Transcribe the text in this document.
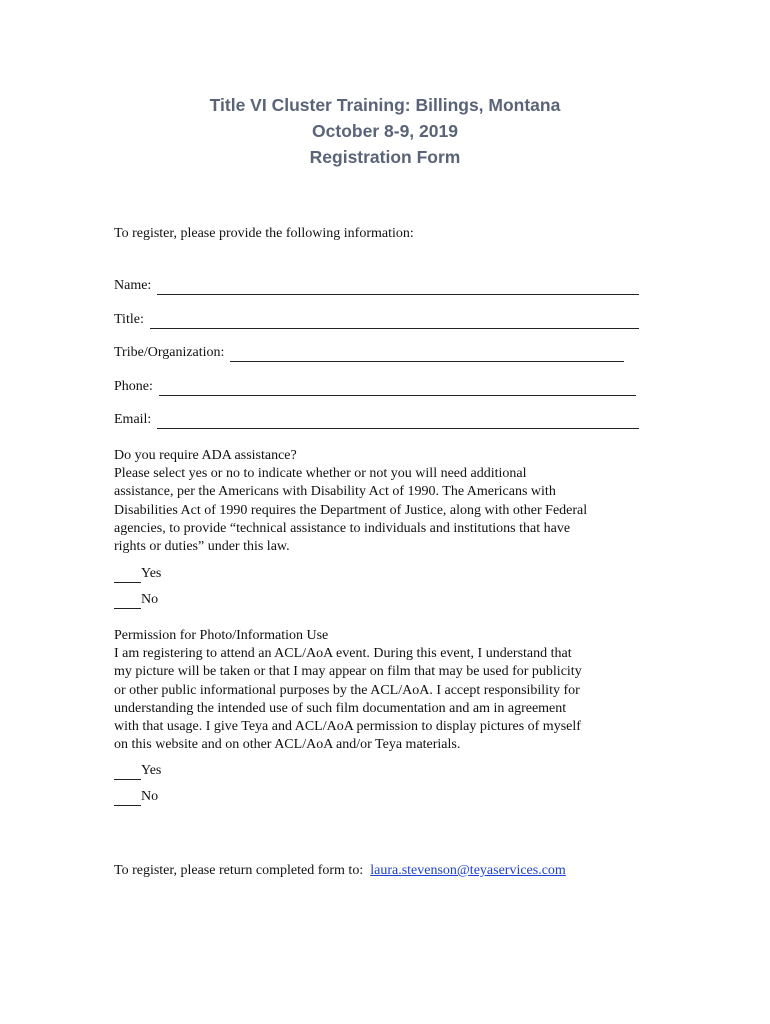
Title VI Cluster Training: Billings, Montana
October 8-9, 2019
Registration Form
To register, please provide the following information:
Name:
Title:
Tribe/Organization:
Phone:
Email:
Do you require ADA assistance?
Please select yes or no to indicate whether or not you will need additional
assistance, per the Americans with Disability Act of 1990. The Americans with
Disabilities Act of 1990 requires the Department of Justice, along with other Federal
agencies, to provide “technical assistance to individuals and institutions that have
rights or duties” under this law.
Yes
No
Permission for Photo/Information Use
I am registering to attend an ACL/AoA event. During this event, I understand that
my picture will be taken or that I may appear on film that may be used for publicity
or other public informational purposes by the ACL/AoA. I accept responsibility for
understanding the intended use of such film documentation and am in agreement
with that usage. I give Teya and ACL/AoA permission to display pictures of myself
on this website and on other ACL/AoA and/or Teya materials.
Yes
No
To register, please return completed form to: laura.stevenson@teyaservices.com
